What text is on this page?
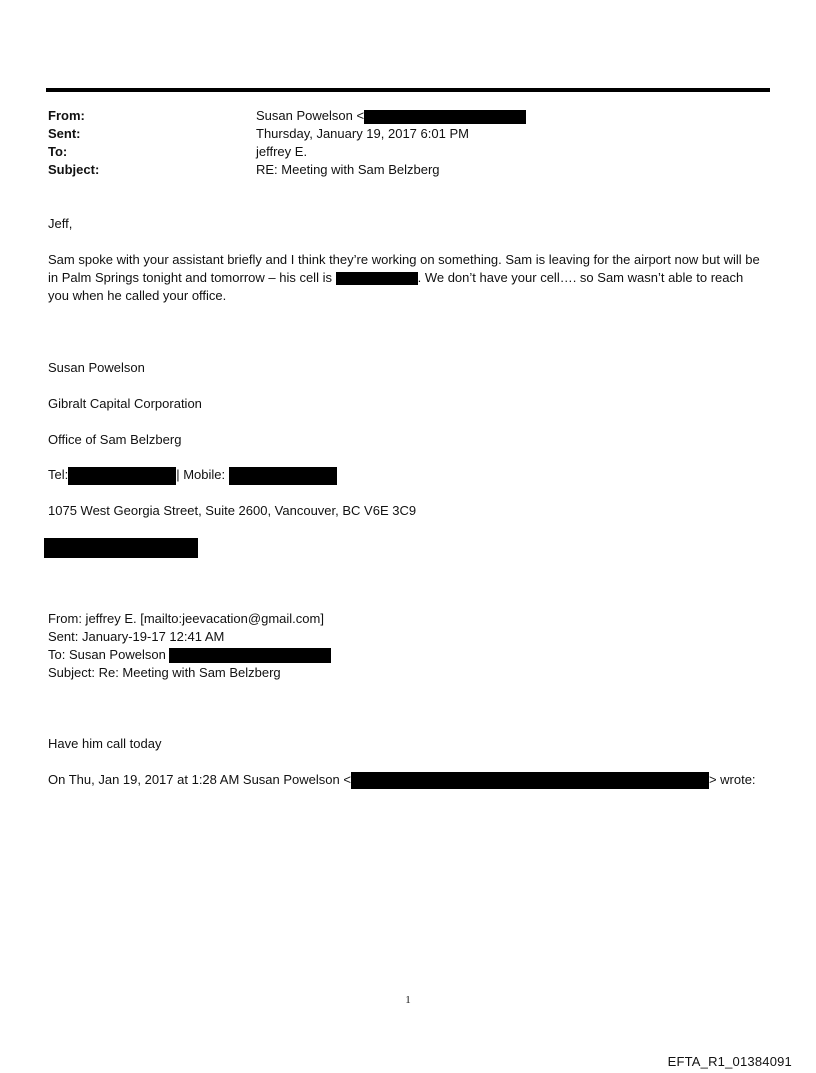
From:	Susan Powelson <
Sent:	Thursday, January 19, 2017 6:01 PM
To:	jeffrey E.
Subject:	RE: Meeting with Sam Belzberg
Jeff,
Sam spoke with your assistant briefly and I think they’re working on something. Sam is leaving for the airport now but will be in Palm Springs tonight and tomorrow – his cell is	. We don’t have your cell…. so Sam wasn’t able to reach you when he called your office.
Susan Powelson
Gibralt Capital Corporation
Office of Sam Belzberg
Tel:	| Mobile:
1075 West Georgia Street, Suite 2600, Vancouver, BC V6E 3C9
From: jeffrey E. [mailto:jeevacation@gmail.com]
Sent: January-19-17 12:41 AM
To: Susan Powelson
Subject: Re: Meeting with Sam Belzberg
Have him call today
On Thu, Jan 19, 2017 at 1:28 AM Susan Powelson <	> wrote:
1
EFTA_R1_01384091
